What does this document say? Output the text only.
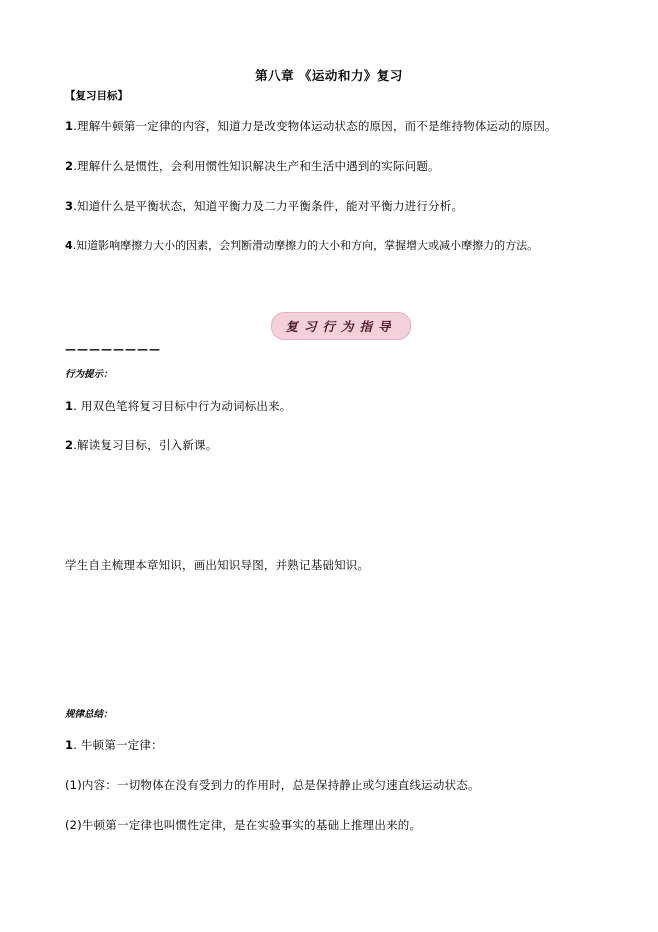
第八章 《运动和力》复习
【复习目标】
1.理解牛顿第一定律的内容，知道力是改变物体运动状态的原因，而不是维持物体运动的原因。
2.理解什么是惯性，会利用惯性知识解决生产和生活中遇到的实际问题。
3.知道什么是平衡状态，知道平衡力及二力平衡条件，能对平衡力进行分析。
4.知道影响摩擦力大小的因素，会判断滑动摩擦力的大小和方向，掌握增大或减小摩擦力的方法。
复习行为指导
————————
行为提示：
1. 用双色笔将复习目标中行为动词标出来。
2.解读复习目标，引入新课。
学生自主梳理本章知识，画出知识导图，并熟记基础知识。
规律总结：
1. 牛顿第一定律：
(1)内容：一切物体在没有受到力的作用时，总是保持静止或匀速直线运动状态。
(2)牛顿第一定律也叫惯性定律，是在实验事实的基础上推理出来的。
